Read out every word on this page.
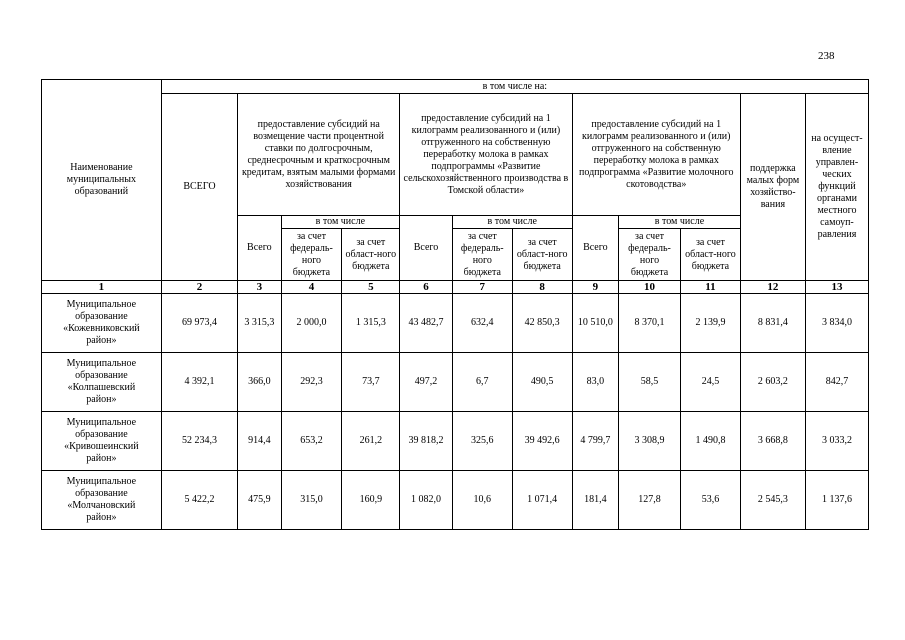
238
Наименование муниципальных образований	в том числе на:											
	ВСЕГО	предоставление субсидий на возмещение части процентной ставки по долгосрочным, среднесрочным и краткосрочным кредитам, взятым малыми формами хозяйствования			предоставление субсидий на 1 килограмм реализованного и (или) отгруженного на собственную переработку молока в рамках подпрограммы «Развитие сельскохозяйственного производства в Томской области»			предоставление субсидий на 1 килограмм реализованного и (или) отгруженного на собственную переработку молока в рамках подпрограмма «Развитие молочного скотоводства»			поддержка малых форм хозяйство-вания	на осущест-вление управлен-ческих функций органами местного самоуп-равления
		Всего	в том числе		Всего	в том числе		Всего	в том числе			
			за счет федераль-ного бюджета	за счет област-ного бюджета		за счет федераль-ного бюджета	за счет област-ного бюджета		за счет федераль-ного бюджета	за счет област-ного бюджета		

1	2	3	4	5	6	7	8	9	10	11	12	13
Муниципальное
образование
«Кожевниковский
район»	69 973,4	3 315,3	2 000,0	1 315,3	43 482,7	632,4	42 850,3	10 510,0	8 370,1	2 139,9	8 831,4	3 834,0
Муниципальное
образование
«Колпашевский
район»	4 392,1	366,0	292,3	73,7	497,2	6,7	490,5	83,0	58,5	24,5	2 603,2	842,7
Муниципальное
образование
«Кривошеинский
район»	52 234,3	914,4	653,2	261,2	39 818,2	325,6	39 492,6	4 799,7	3 308,9	1 490,8	3 668,8	3 033,2
Муниципальное
образование
«Молчановский
район»	5 422,2	475,9	315,0	160,9	1 082,0	10,6	1 071,4	181,4	127,8	53,6	2 545,3	1 137,6
